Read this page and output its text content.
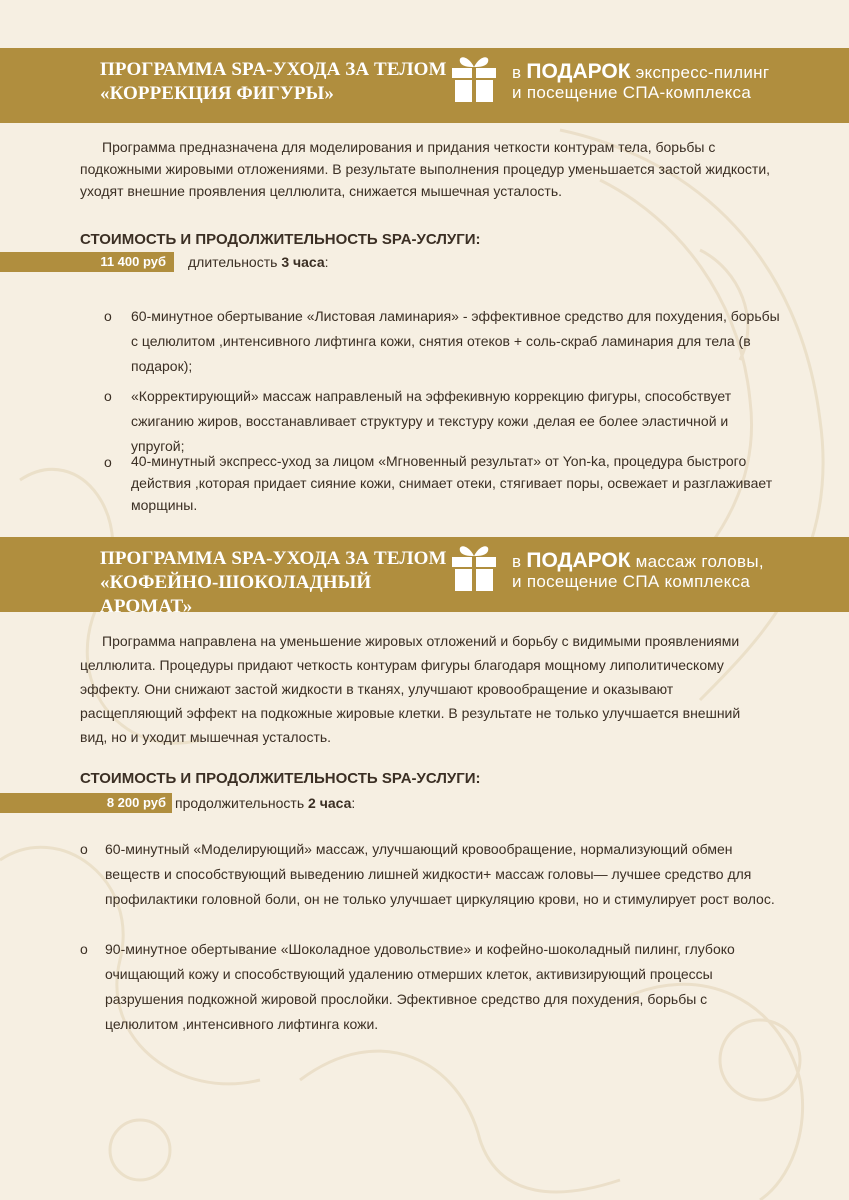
ПРОГРАММА SPA-УХОДА ЗА ТЕЛОМ
«КОРРЕКЦИЯ ФИГУРЫ»
в ПОДАРОК экспресс-пилинг
и посещение СПА-комплекса

Программа предназначена для моделирования и придания четкости контурам тела, борьбы с подкожными жировыми отложениями. В результате выполнения процедур уменьшается застой жидкости, уходят внешние проявления целлюлита, снижается мышечная усталость.

СТОИМОСТЬ И ПРОДОЛЖИТЕЛЬНОСТЬ SPA-УСЛУГИ:
11 400 руб	длительность 3 часа:
o 60-минутное обертывание «Листовая ламинария» - эффективное средство для похудения, борьбы с целюлитом ,интенсивного лифтинга кожи, снятия отеков + соль-скраб ламинария для тела (в подарок);
o «Корректирующий» массаж направленый на эффекивную коррекцию фигуры, способствует сжиганию жиров, восстанавливает структуру и текстуру кожи ,делая ее более эластичной и упругой;
o 40-минутный экспресс-уход за лицом «Мгновенный результат» от Yon-ka, процедура быстрого действия ,которая придает сияние кожи, снимает отеки, стягивает поры, освежает и разглаживает морщины.
ПРОГРАММА SPA-УХОДА ЗА ТЕЛОМ
«КОФЕЙНО-ШОКОЛАДНЫЙ АРОМАТ»
в ПОДАРОК массаж головы,
и посещение СПА комплекса

Программа направлена на уменьшение жировых отложений и борьбу с видимыми проявлениями целлюлита. Процедуры придают четкость контурам фигуры благодаря мощному липолитическому эффекту. Они снижают застой жидкости в тканях, улучшают кровообращение и оказывают расщепляющий эффект на подкожные жировые клетки. В результате не только улучшается внешний вид, но и уходит мышечная усталость.

СТОИМОСТЬ И ПРОДОЛЖИТЕЛЬНОСТЬ SPA-УСЛУГИ:
8 200 руб продолжительность 2 часа:
o 60-минутный «Моделирующий» массаж, улучшающий кровообращение, нормализующий обмен веществ и способствующий выведению лишней жидкости+ массаж головы— лучшее средство для профилактики головной боли, он не только улучшает циркуляцию крови, но и стимулирует рост волос.
o 90-минутное обертывание «Шоколадное удовольствие» и кофейно-шоколадный пилинг, глубоко очищающий кожу и способствующий удалению отмерших клеток, активизирующий процессы разрушения подкожной жировой прослойки. Эфективное средство для похудения, борьбы с целюлитом ,интенсивного лифтинга кожи.
